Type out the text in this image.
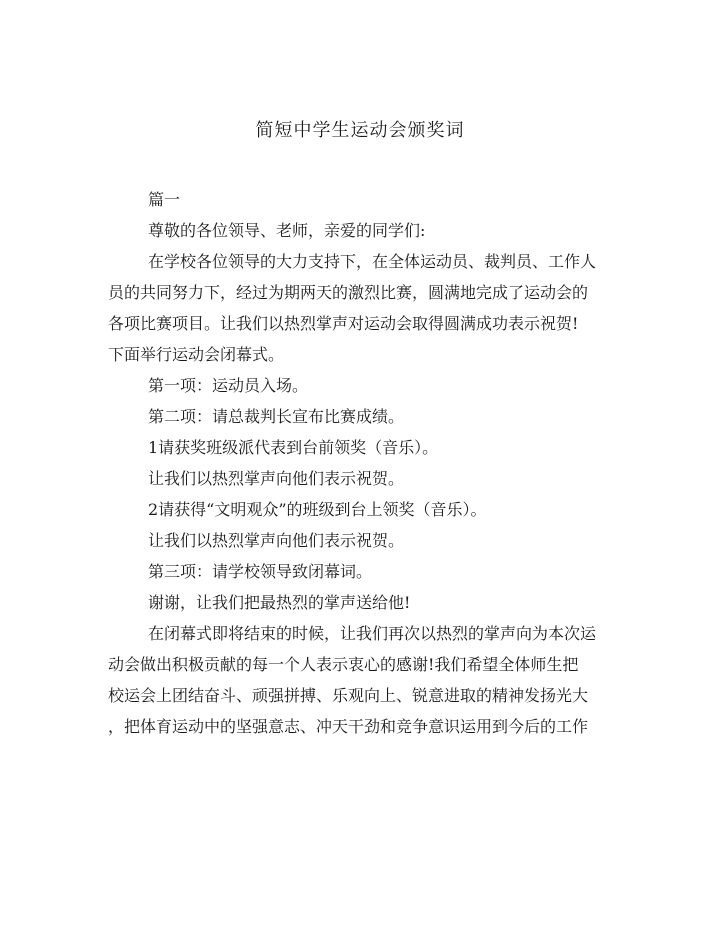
简短中学生运动会颁奖词
篇一
尊敬的各位领导、老师，亲爱的同学们:
在学校各位领导的大力支持下，在全体运动员、裁判员、工作人
员的共同努力下，经过为期两天的激烈比赛，圆满地完成了运动会的
各项比赛项目。让我们以热烈掌声对运动会取得圆满成功表示祝贺!
下面举行运动会闭幕式。
第一项：运动员入场。
第二项：请总裁判长宣布比赛成绩。
1请获奖班级派代表到台前领奖（音乐）。
让我们以热烈掌声向他们表示祝贺。
2请获得“文明观众”的班级到台上领奖（音乐）。
让我们以热烈掌声向他们表示祝贺。
第三项：请学校领导致闭幕词。
谢谢，让我们把最热烈的掌声送给他!
在闭幕式即将结束的时候，让我们再次以热烈的掌声向为本次运
动会做出积极贡献的每一个人表示衷心的感谢!我们希望全体师生把
校运会上团结奋斗、顽强拼搏、乐观向上、锐意进取的精神发扬光大
，把体育运动中的坚强意志、冲天干劲和竞争意识运用到今后的工作
